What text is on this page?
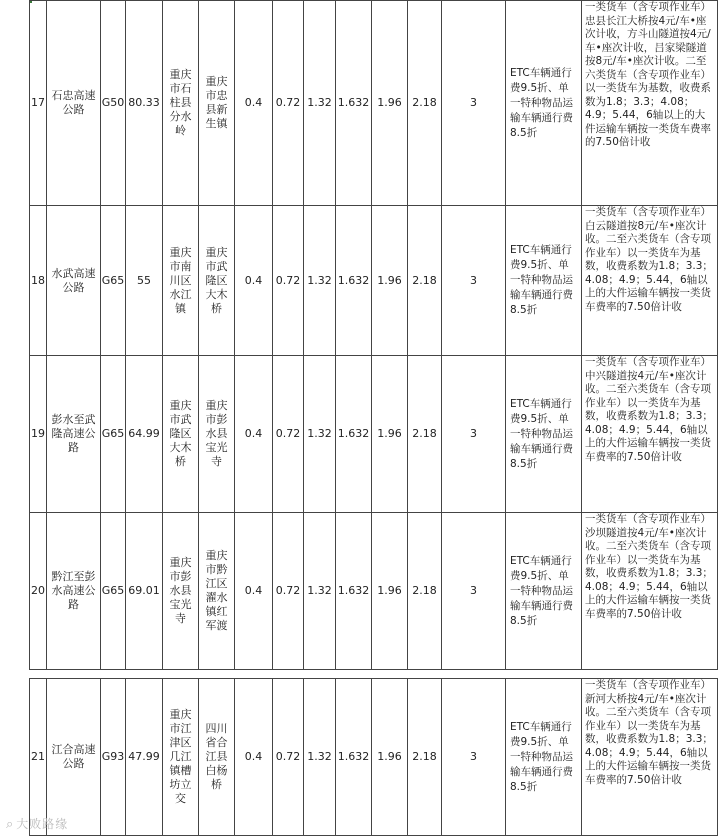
17	石忠高速公路	G50	80.33	重庆市石柱县分水岭	重庆市忠县新生镇	0.4	0.72	1.32	1.632	1.96	2.18	3	ETC车辆通行费9.5折、单一特种物品运输车辆通行费8.5折	一类货车（含专项作业车）忠县长江大桥按4元/车•座次计收，方斗山隧道按4元/车•座次计收，吕家梁隧道按8元/车•座次计收。二至六类货车（含专项作业车）以一类货车为基数，收费系数为1.8；3.3；4.08；4.9；5.44，6轴以上的大件运输车辆按一类货车费率的7.50倍计收
18	水武高速公路	G65	55	重庆市南川区水江镇	重庆市武隆区大木桥	0.4	0.72	1.32	1.632	1.96	2.18	3	ETC车辆通行费9.5折、单一特种物品运输车辆通行费8.5折	一类货车（含专项作业车）白云隧道按8元/车•座次计收。二至六类货车（含专项作业车）以一类货车为基数，收费系数为1.8；3.3；4.08；4.9；5.44，6轴以上的大件运输车辆按一类货车费率的7.50倍计收
19	彭水至武隆高速公路	G65	64.99	重庆市武隆区大木桥	重庆市彭水县宝光寺	0.4	0.72	1.32	1.632	1.96	2.18	3	ETC车辆通行费9.5折、单一特种物品运输车辆通行费8.5折	一类货车（含专项作业车）中兴隧道按4元/车•座次计收。二至六类货车（含专项作业车）以一类货车为基数，收费系数为1.8；3.3；4.08；4.9；5.44，6轴以上的大件运输车辆按一类货车费率的7.50倍计收
20	黔江至彭水高速公路	G65	69.01	重庆市彭水县宝光寺	重庆市黔江区濯水镇红军渡	0.4	0.72	1.32	1.632	1.96	2.18	3	ETC车辆通行费9.5折、单一特种物品运输车辆通行费8.5折	一类货车（含专项作业车）沙坝隧道按4元/车•座次计收。二至六类货车（含专项作业车）以一类货车为基数，收费系数为1.8；3.3；4.08；4.9；5.44，6轴以上的大件运输车辆按一类货车费率的7.50倍计收

21	江合高速公路	G93	47.99	重庆市江津区几江镇槽坊立交	四川省合江县白杨桥	0.4	0.72	1.32	1.632	1.96	2.18	3	ETC车辆通行费9.5折、单一特种物品运输车辆通行费8.5折	一类货车（含专项作业车）新河大桥按4元/车•座次计收。二至六类货车（含专项作业车）以一类货车为基数，收费系数为1.8；3.3；4.08；4.9；5.44，6轴以上的大件运输车辆按一类货车费率的7.50倍计收
⌕ 大败路缘
